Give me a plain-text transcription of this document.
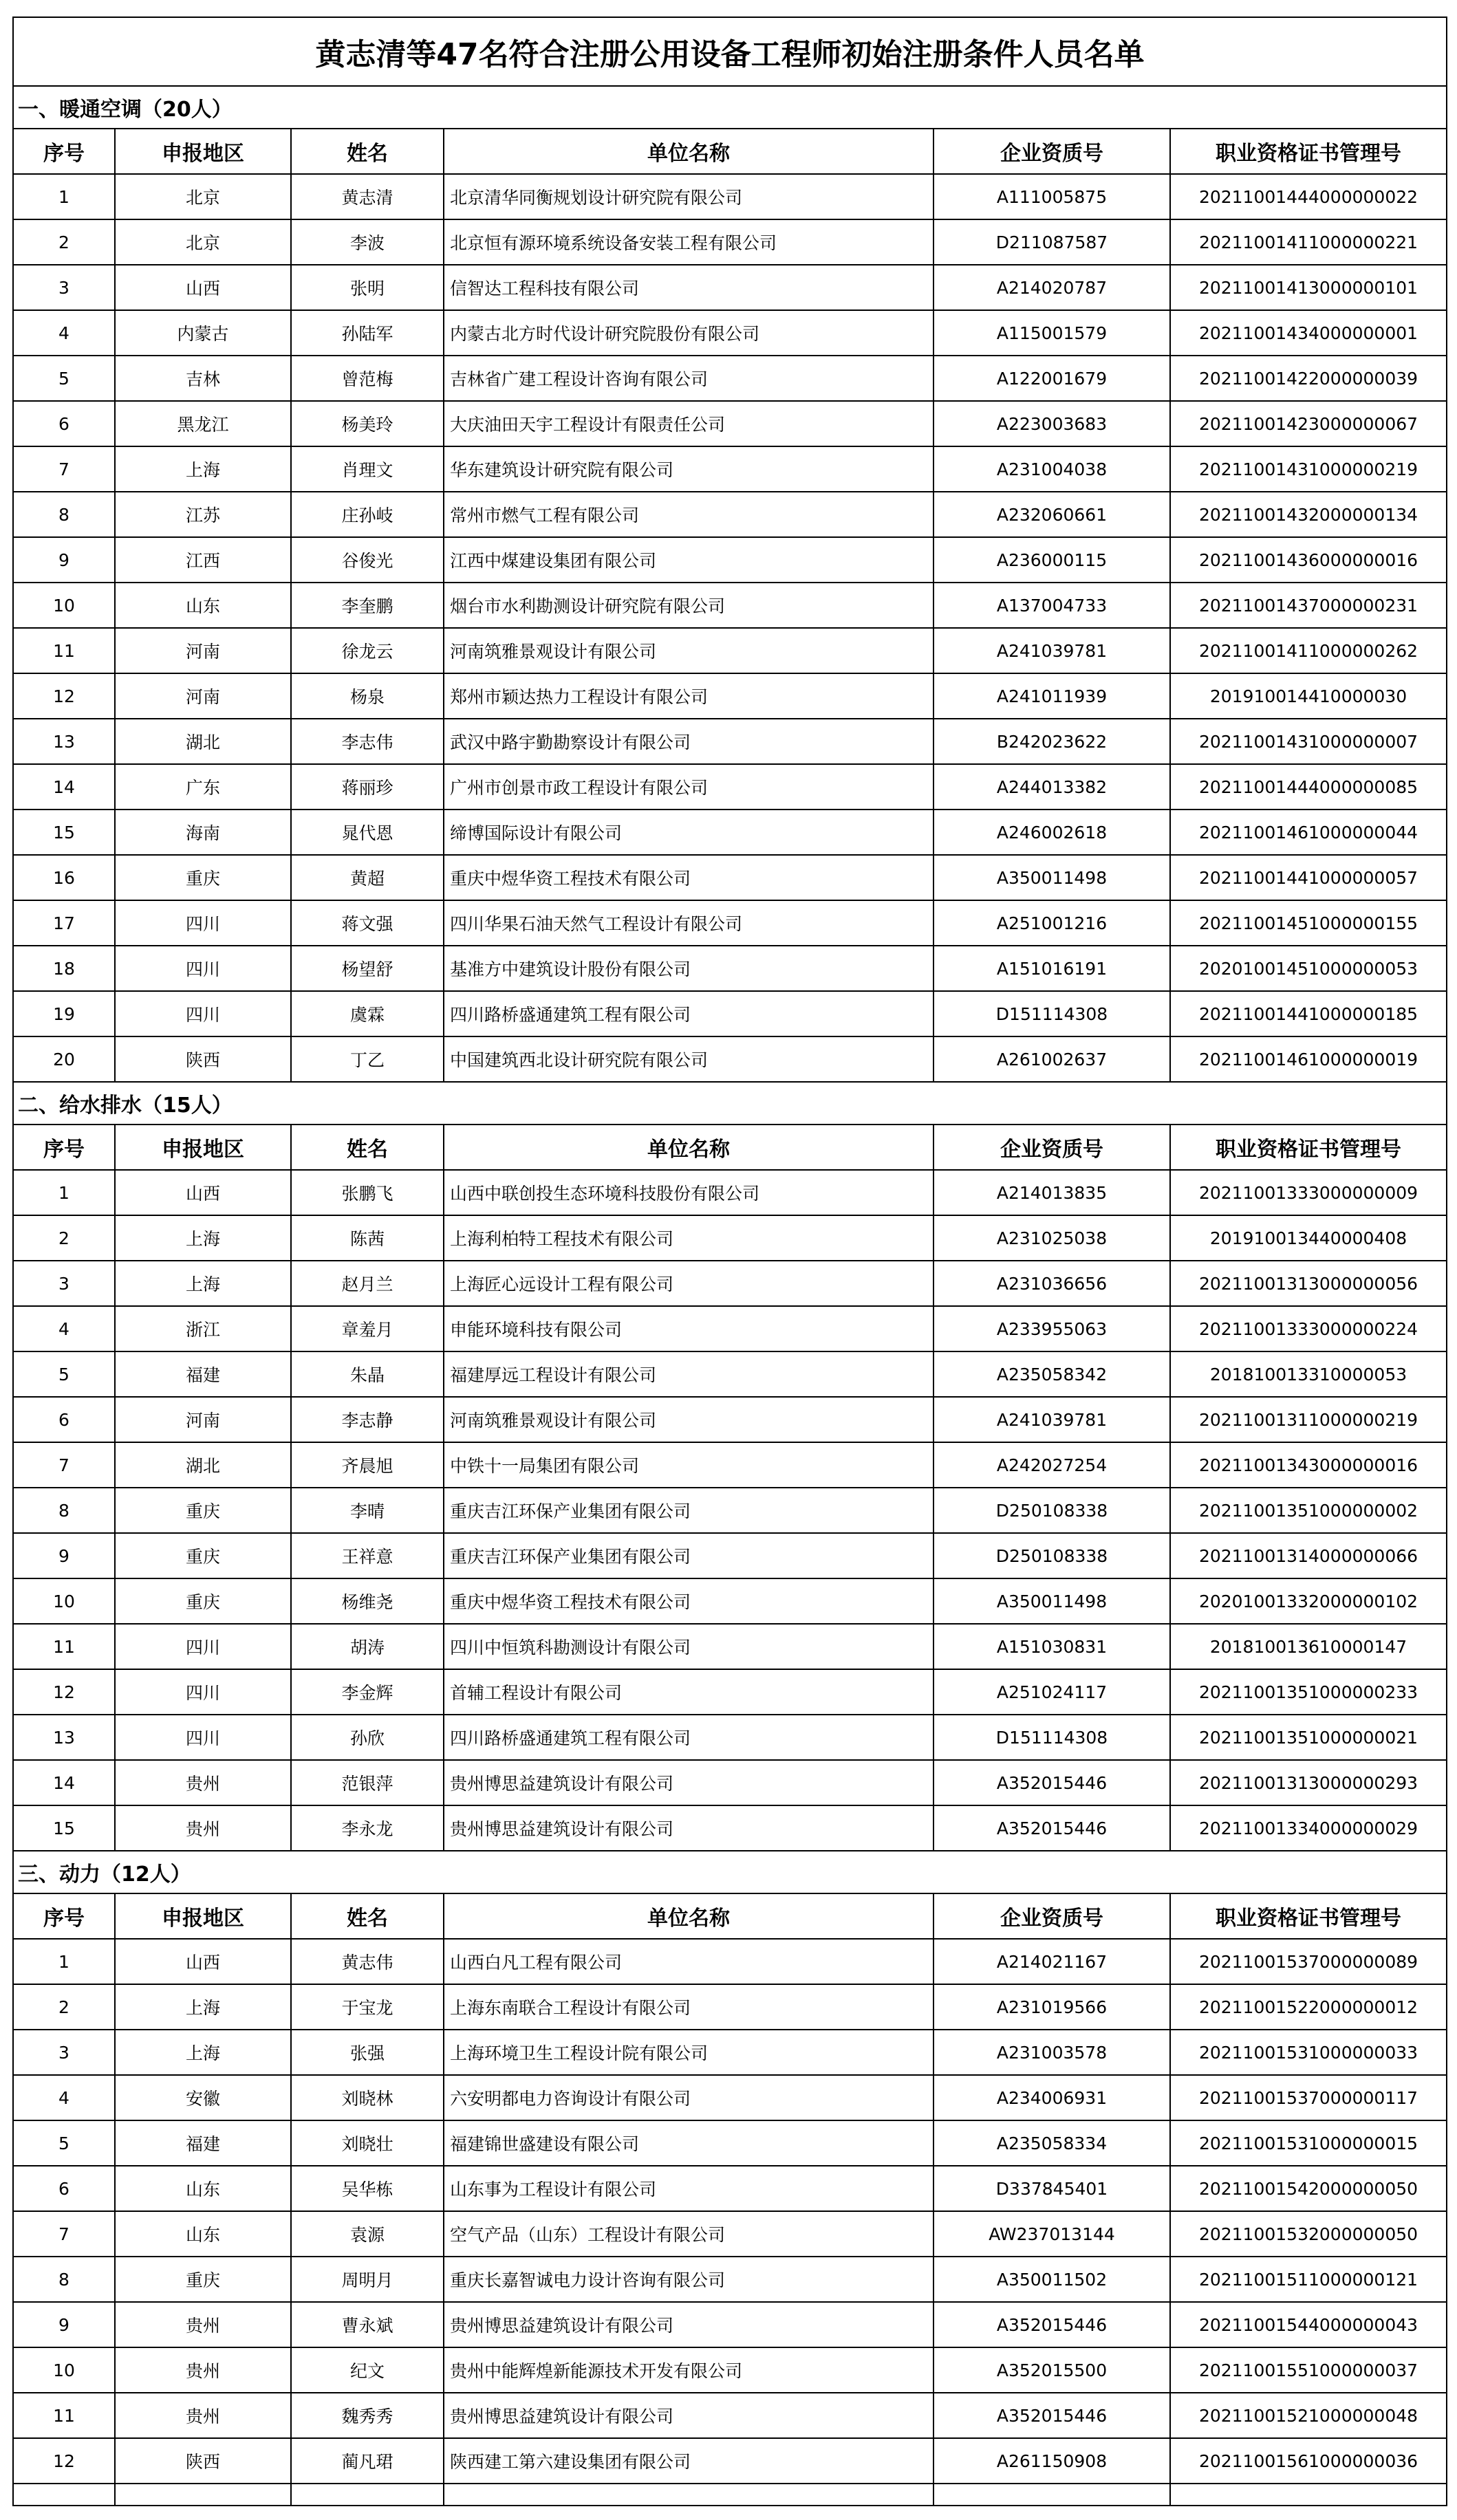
黄志清等47名符合注册公用设备工程师初始注册条件人员名单					
一、暖通空调（20人）					
序号	申报地区	姓名	单位名称	企业资质号	职业资格证书管理号
1	北京	黄志清	北京清华同衡规划设计研究院有限公司	A111005875	20211001444000000022
2	北京	李波	北京恒有源环境系统设备安装工程有限公司	D211087587	20211001411000000221
3	山西	张明	信智达工程科技有限公司	A214020787	20211001413000000101
4	内蒙古	孙陆军	内蒙古北方时代设计研究院股份有限公司	A115001579	20211001434000000001
5	吉林	曾范梅	吉林省广建工程设计咨询有限公司	A122001679	20211001422000000039
6	黑龙江	杨美玲	大庆油田天宇工程设计有限责任公司	A223003683	20211001423000000067
7	上海	肖理文	华东建筑设计研究院有限公司	A231004038	20211001431000000219
8	江苏	庄孙岐	常州市燃气工程有限公司	A232060661	20211001432000000134
9	江西	谷俊光	江西中煤建设集团有限公司	A236000115	20211001436000000016
10	山东	李奎鹏	烟台市水利勘测设计研究院有限公司	A137004733	20211001437000000231
11	河南	徐龙云	河南筑雅景观设计有限公司	A241039781	20211001411000000262
12	河南	杨泉	郑州市颖达热力工程设计有限公司	A241011939	201910014410000030
13	湖北	李志伟	武汉中路宇勤勘察设计有限公司	B242023622	20211001431000000007
14	广东	蒋丽珍	广州市创景市政工程设计有限公司	A244013382	20211001444000000085
15	海南	晁代恩	缔博国际设计有限公司	A246002618	20211001461000000044
16	重庆	黄超	重庆中煜华资工程技术有限公司	A350011498	20211001441000000057
17	四川	蒋文强	四川华果石油天然气工程设计有限公司	A251001216	20211001451000000155
18	四川	杨望舒	基准方中建筑设计股份有限公司	A151016191	20201001451000000053
19	四川	虞霖	四川路桥盛通建筑工程有限公司	D151114308	20211001441000000185
20	陕西	丁乙	中国建筑西北设计研究院有限公司	A261002637	20211001461000000019
二、给水排水（15人）					
序号	申报地区	姓名	单位名称	企业资质号	职业资格证书管理号
1	山西	张鹏飞	山西中联创投生态环境科技股份有限公司	A214013835	20211001333000000009
2	上海	陈茜	上海利柏特工程技术有限公司	A231025038	201910013440000408
3	上海	赵月兰	上海匠心远设计工程有限公司	A231036656	20211001313000000056
4	浙江	章羞月	申能环境科技有限公司	A233955063	20211001333000000224
5	福建	朱晶	福建厚远工程设计有限公司	A235058342	201810013310000053
6	河南	李志静	河南筑雅景观设计有限公司	A241039781	20211001311000000219
7	湖北	齐晨旭	中铁十一局集团有限公司	A242027254	20211001343000000016
8	重庆	李晴	重庆吉江环保产业集团有限公司	D250108338	20211001351000000002
9	重庆	王祥意	重庆吉江环保产业集团有限公司	D250108338	20211001314000000066
10	重庆	杨维尧	重庆中煜华资工程技术有限公司	A350011498	20201001332000000102
11	四川	胡涛	四川中恒筑科勘测设计有限公司	A151030831	201810013610000147
12	四川	李金辉	首辅工程设计有限公司	A251024117	20211001351000000233
13	四川	孙欣	四川路桥盛通建筑工程有限公司	D151114308	20211001351000000021
14	贵州	范银萍	贵州博思益建筑设计有限公司	A352015446	20211001313000000293
15	贵州	李永龙	贵州博思益建筑设计有限公司	A352015446	20211001334000000029
三、动力（12人）					
序号	申报地区	姓名	单位名称	企业资质号	职业资格证书管理号
1	山西	黄志伟	山西白凡工程有限公司	A214021167	20211001537000000089
2	上海	于宝龙	上海东南联合工程设计有限公司	A231019566	20211001522000000012
3	上海	张强	上海环境卫生工程设计院有限公司	A231003578	20211001531000000033
4	安徽	刘晓林	六安明都电力咨询设计有限公司	A234006931	20211001537000000117
5	福建	刘晓壮	福建锦世盛建设有限公司	A235058334	20211001531000000015
6	山东	吴华栋	山东事为工程设计有限公司	D337845401	20211001542000000050
7	山东	袁源	空气产品（山东）工程设计有限公司	AW237013144	20211001532000000050
8	重庆	周明月	重庆长嘉智诚电力设计咨询有限公司	A350011502	20211001511000000121
9	贵州	曹永斌	贵州博思益建筑设计有限公司	A352015446	20211001544000000043
10	贵州	纪文	贵州中能辉煌新能源技术开发有限公司	A352015500	20211001551000000037
11	贵州	魏秀秀	贵州博思益建筑设计有限公司	A352015446	20211001521000000048
12	陕西	蔺凡珺	陕西建工第六建设集团有限公司	A261150908	20211001561000000036
